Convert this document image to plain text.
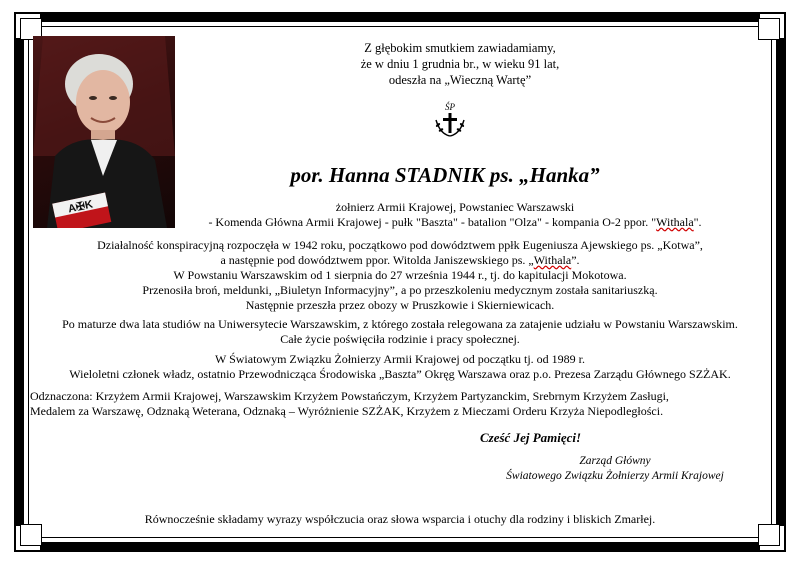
A✠K
Z głębokim smutkiem zawiadamiamy,
że w dniu 1 grudnia br., w wieku 91 lat,
odeszła na „Wieczną Wartę”
ŚP
por. Hanna STADNIK ps. „Hanka”
żołnierz Armii Krajowej, Powstaniec Warszawski
- Komenda Główna Armii Krajowej - pułk "Baszta" - batalion "Olza" - kompania O-2 ppor. "Withala".
Działalność konspiracyjną rozpoczęła w 1942 roku, początkowo pod dowództwem ppłk Eugeniusza Ajewskiego ps. „Kotwa”,
a następnie pod dowództwem ppor. Witolda Janiszewskiego ps. „Withala”.
W Powstaniu Warszawskim od 1 sierpnia do 27 września 1944 r., tj. do kapitulacji Mokotowa.
Przenosiła broń, meldunki, „Biuletyn Informacyjny”, a po przeszkoleniu medycznym została sanitariuszką.
Następnie przeszła przez obozy w Pruszkowie i Skierniewicach.
Po maturze dwa lata studiów na Uniwersytecie Warszawskim, z którego została relegowana za zatajenie udziału w Powstaniu Warszawskim.
Całe życie poświęciła rodzinie i pracy społecznej.
W Światowym Związku Żołnierzy Armii Krajowej od początku tj. od 1989 r.
Wieloletni członek władz, ostatnio Przewodnicząca Środowiska „Baszta” Okręg Warszawa oraz p.o. Prezesa Zarządu Głównego SZŻAK.
Odznaczona: Krzyżem Armii Krajowej, Warszawskim Krzyżem Powstańczym, Krzyżem Partyzanckim, Srebrnym Krzyżem Zasługi,
Medalem za Warszawę, Odznaką Weterana, Odznaką – Wyróżnienie SZŻAK, Krzyżem z Mieczami Orderu Krzyża Niepodległości.
Cześć Jej Pamięci!
Zarząd Główny
Światowego Związku Żołnierzy Armii Krajowej
Równocześnie składamy wyrazy współczucia oraz słowa wsparcia i otuchy dla rodziny i bliskich Zmarłej.
